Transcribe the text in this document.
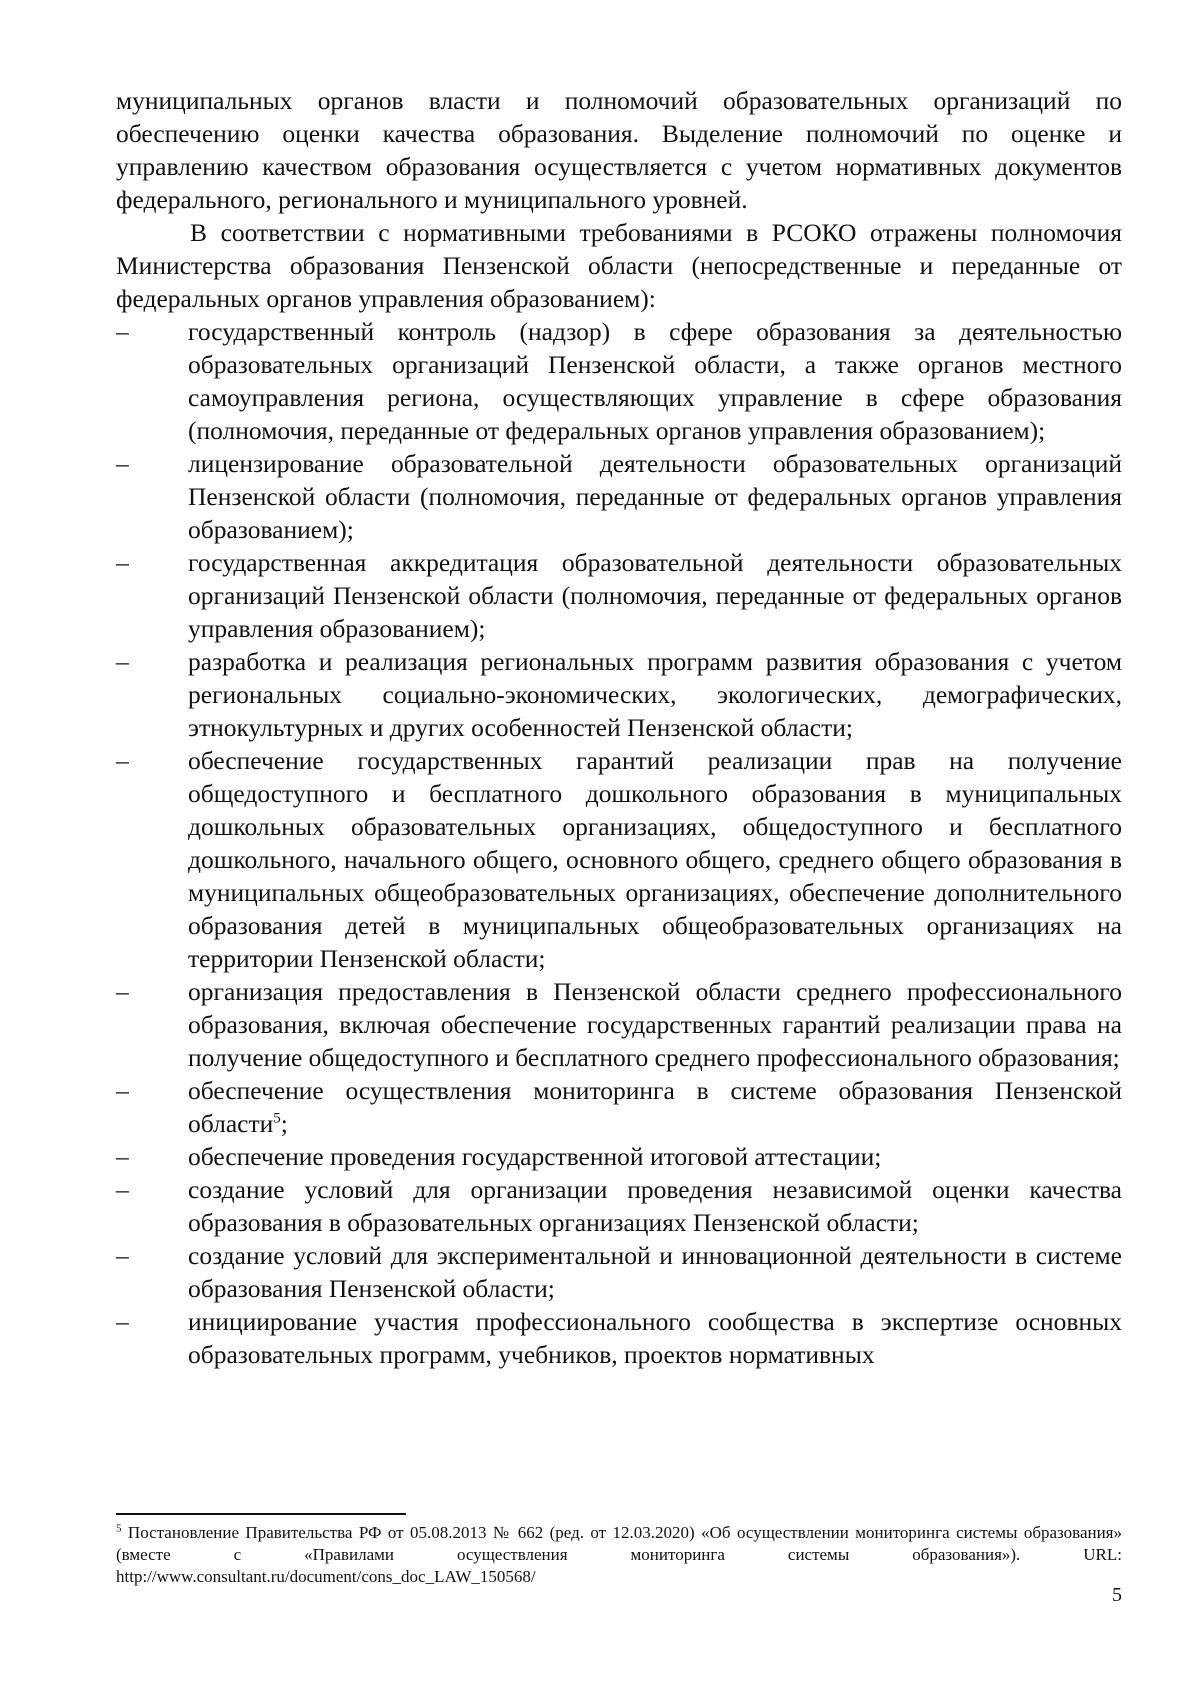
муниципальных органов власти и полномочий образовательных организаций по обеспечению оценки качества образования. Выделение полномочий по оценке и управлению качеством образования осуществляется с учетом нормативных документов федерального, регионального и муниципального уровней.

В соответствии с нормативными требованиями в РСОКО отражены полномочия Министерства образования Пензенской области (непосредственные и переданные от федеральных органов управления образованием):

– государственный контроль (надзор) в сфере образования за деятельностью образовательных организаций Пензенской области, а также органов местного самоуправления региона, осуществляющих управление в сфере образования (полномочия, переданные от федеральных органов управления образованием);
– лицензирование образовательной деятельности образовательных организаций Пензенской области (полномочия, переданные от федеральных органов управления образованием);
– государственная аккредитация образовательной деятельности образовательных организаций Пензенской области (полномочия, переданные от федеральных органов управления образованием);
– разработка и реализация региональных программ развития образования с учетом региональных социально-экономических, экологических, демографических, этнокультурных и других особенностей Пензенской области;
– обеспечение государственных гарантий реализации прав на получение общедоступного и бесплатного дошкольного образования в муниципальных дошкольных образовательных организациях, общедоступного и бесплатного дошкольного, начального общего, основного общего, среднего общего образования в муниципальных общеобразовательных организациях, обеспечение дополнительного образования детей в муниципальных общеобразовательных организациях на территории Пензенской области;
– организация предоставления в Пензенской области среднего профессионального образования, включая обеспечение государственных гарантий реализации права на получение общедоступного и бесплатного среднего профессионального образования;
– обеспечение осуществления мониторинга в системе образования Пензенской области$^5$;
– обеспечение проведения государственной итоговой аттестации;
– создание условий для организации проведения независимой оценки качества образования в образовательных организациях Пензенской области;
– создание условий для экспериментальной и инновационной деятельности в системе образования Пензенской области;
– инициирование участия профессионального сообщества в экспертизе основных образовательных программ, учебников, проектов нормативных

$^5$ Постановление Правительства РФ от 05.08.2013 № 662 (ред. от 12.03.2020) «Об осуществлении мониторинга системы образования» (вместе с «Правилами осуществления мониторинга системы образования»). URL: http://www.consultant.ru/document/cons_doc_LAW_150568/

5
